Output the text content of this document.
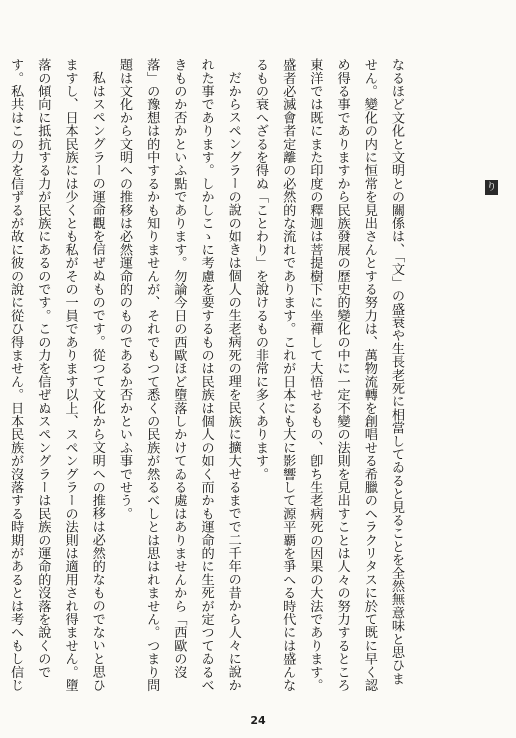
り

なるほど文化と文明との關係は、「文」の盛衰や生長老死に相當してゐると見ることを全然無意味と思ひません。變化の内に恒常を見出さんとする努力は、萬物流轉を創唱せる希臘のヘラクリタスに於て既に早く認め得る事でありますから民族發展の歷史的變化の中に一定不變の法則を見出すことは人々の努力するところ東洋では既にまた印度の釋迦は菩提樹下に坐禪して大悟せるもの、卽ち生老病死の因果の大法であります。盛者必滅會者定離の必然的な流れであります。これが日本にも大に影響して源平覇を爭へる時代には盛んなるもの衰へざるを得ぬ「ことわり」を說けるもの非常に多くあります。

だからスペングラーの說の如きは個人の生老病死の理を民族に擴大せるまでで二千年の昔から人々に說かれた事であります。しかしこゝに考慮を要するものは民族は個人の如く而かも運命的に生死が定つてゐるべきものか否かといふ點であります。勿論今日の西歐ほど墮落しかけてゐる處はありませんから「西歐の沒落」の豫想は的中するかも知りませんが、それでもつて悉くの民族が然るべしとは思はれません。つまり問題は文化から文明への推移は必然運命的のものであるか否かといふ事でせう。

私はスペングラーの運命觀を信ぜぬものです。從つて文化から文明への推移は必然的なものでないと思ひますし、日本民族には少くとも私がその一員であります以上、スペングラーの法則は適用され得ません。墮落の傾向に抵抗する力が民族にあるのです。この力を信ぜぬスペングラーは民族の運命的沒落を說くのです。私共はこの力を信ずるが故に彼の說に從ひ得ません。日本民族が沒落する時期があるとは考へもし信じ

24
